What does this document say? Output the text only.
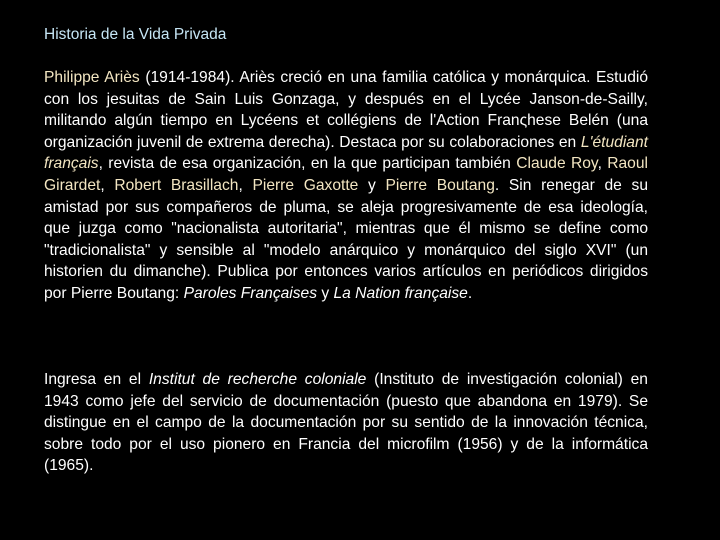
Historia de la Vida Privada
Philippe Ariès (1914-1984). Ariès creció en una familia católica y monárquica. Estudió con los jesuitas de Sain Luis Gonzaga, y después en el Lycée Janson-de-Sailly, militando algún tiempo en Lycéens et collégiens de l'Action Franςhese Belén (una organización juvenil de extrema derecha). Destaca por su colaboraciones en L'étudiant français, revista de esa organización, en la que participan también Claude Roy, Raoul Girardet, Robert Brasillach, Pierre Gaxotte y Pierre Boutang. Sin renegar de su amistad por sus compañeros de pluma, se aleja progresivamente de esa ideología, que juzga como "nacionalista autoritaria", mientras que él mismo se define como "tradicionalista" y sensible al "modelo anárquico y monárquico del siglo XVI" (un historien du dimanche). Publica por entonces varios artículos en periódicos dirigidos por Pierre Boutang: Paroles Françaises y La Nation française.
Ingresa en el Institut de recherche coloniale (Instituto de investigación colonial) en 1943 como jefe del servicio de documentación (puesto que abandona en 1979). Se distingue en el campo de la documentación por su sentido de la innovación técnica, sobre todo por el uso pionero en Francia del microfilm (1956) y de la informática (1965).
